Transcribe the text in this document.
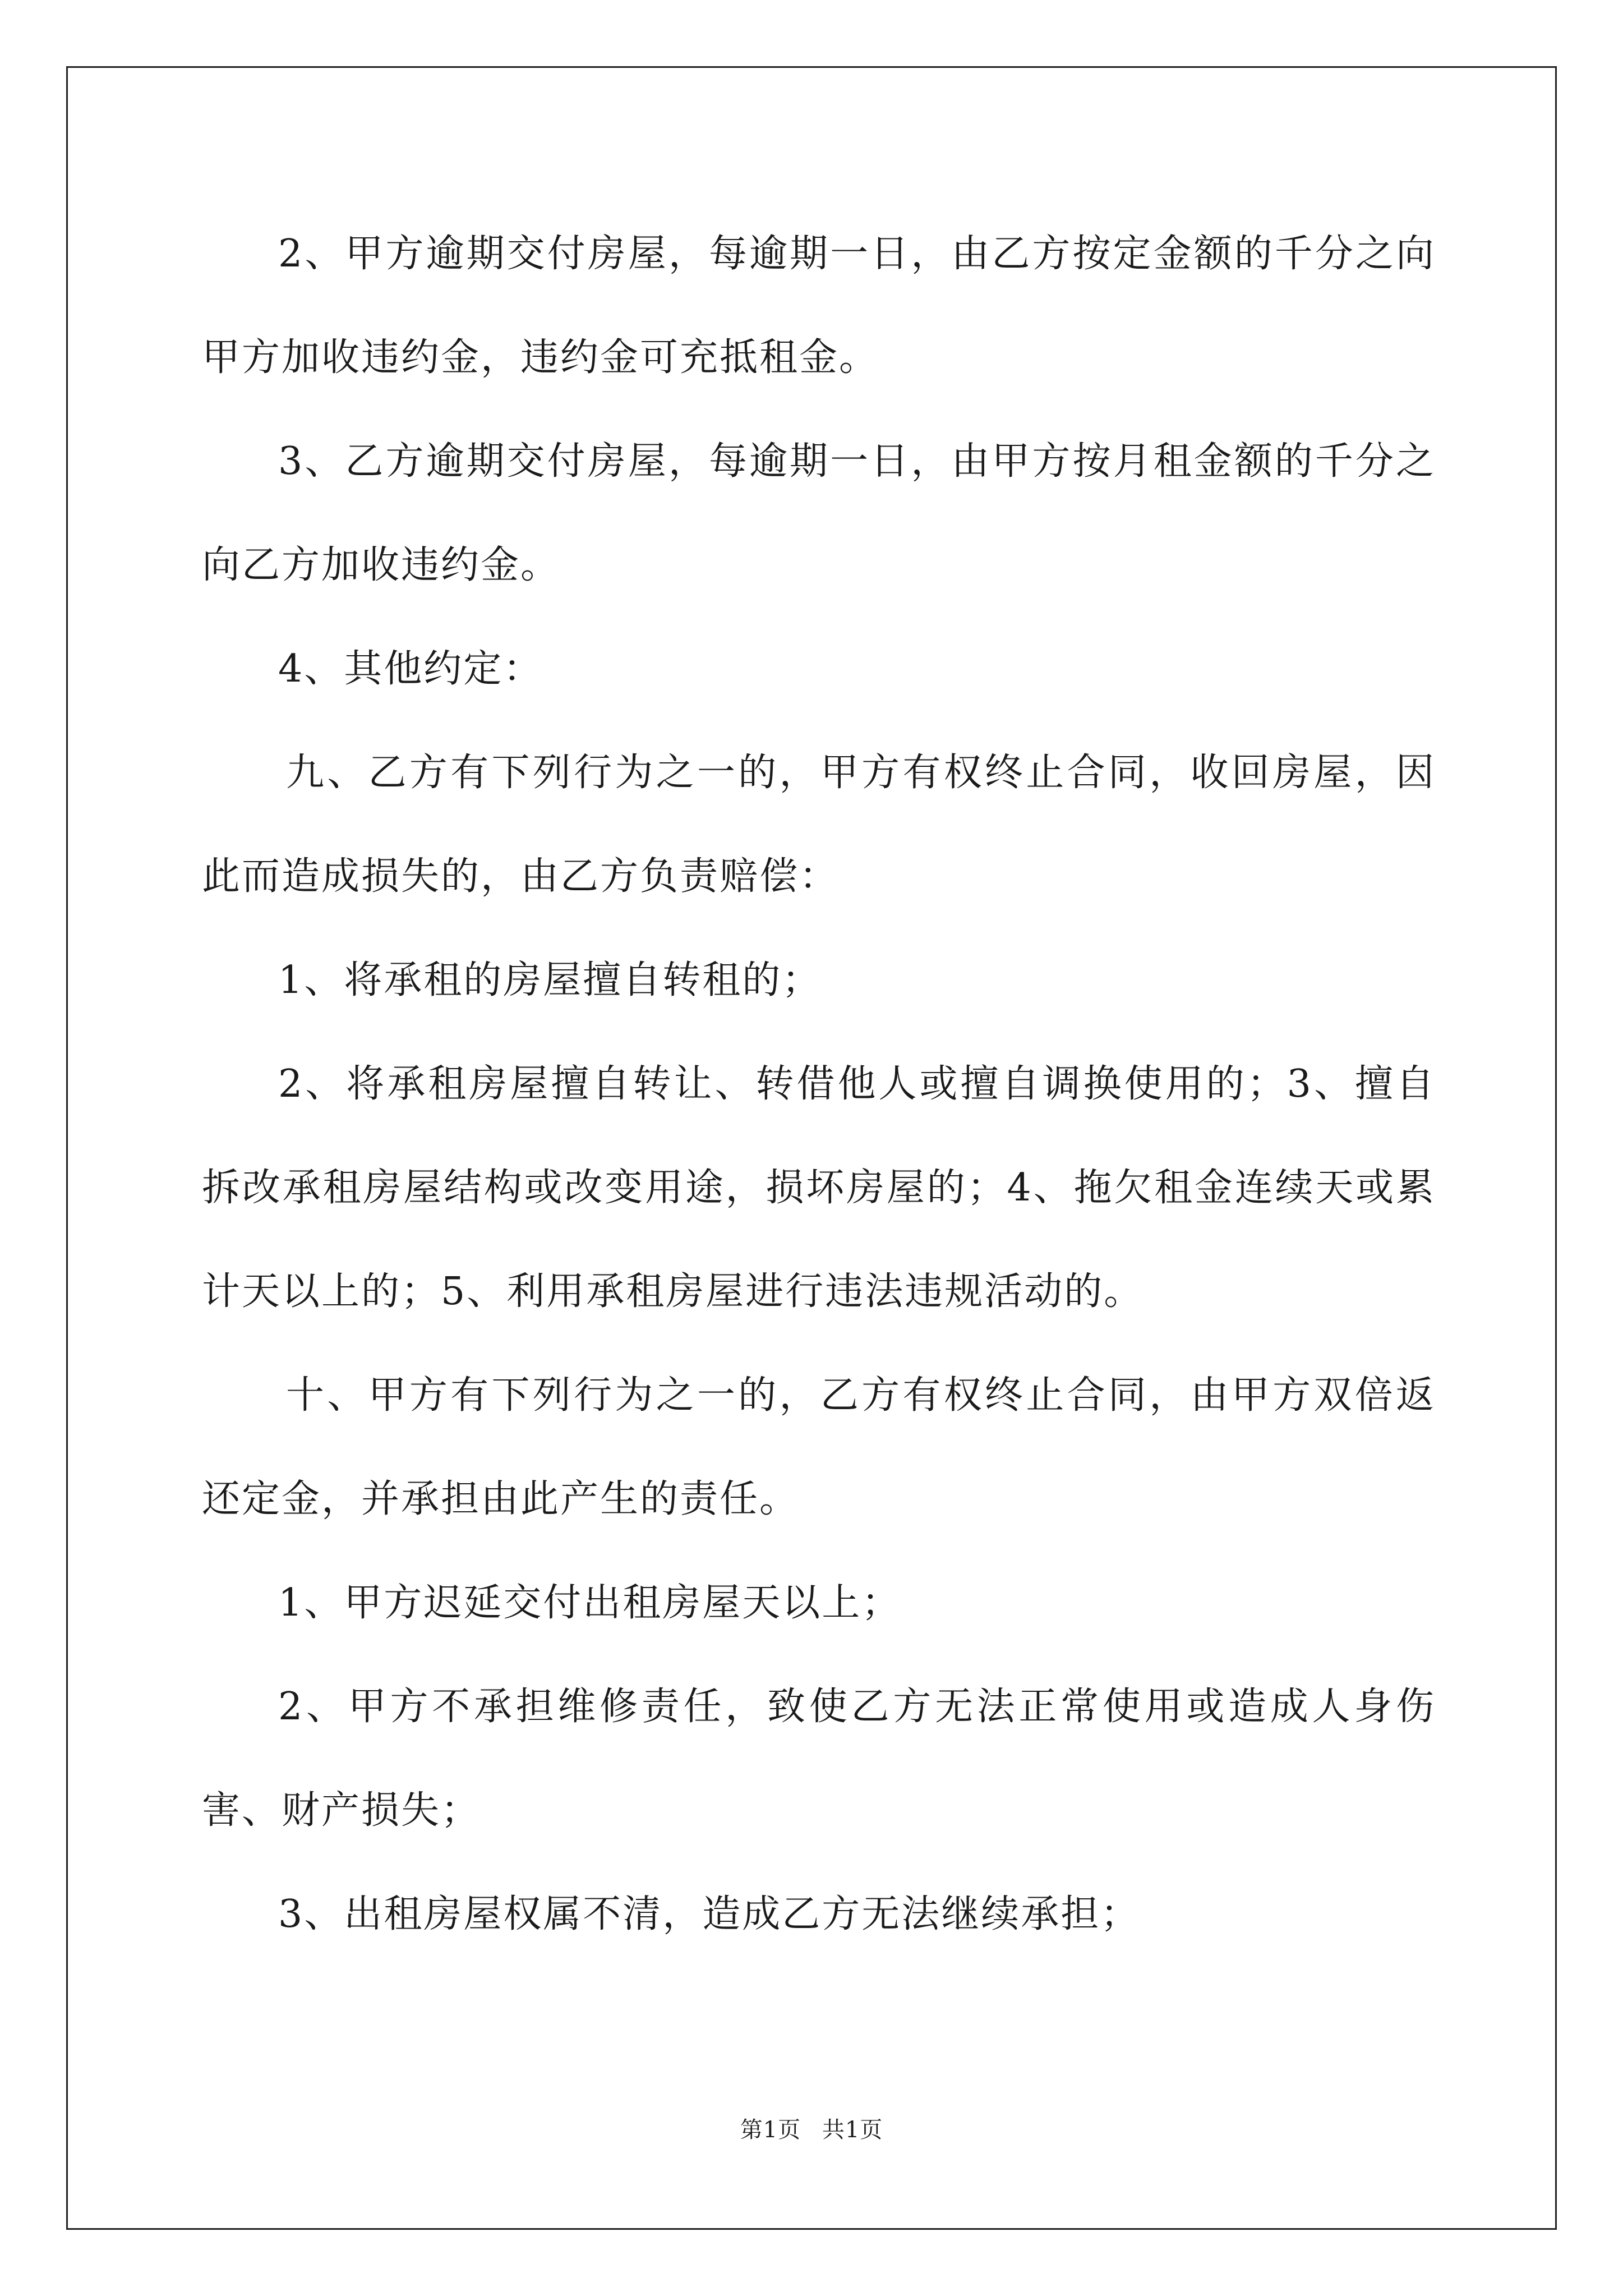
2、甲方逾期交付房屋，每逾期一日，由乙方按定金额的千分之向甲方加收违约金，违约金可充抵租金。

3、乙方逾期交付房屋，每逾期一日，由甲方按月租金额的千分之向乙方加收违约金。

4、其他约定：

九、乙方有下列行为之一的，甲方有权终止合同，收回房屋，因此而造成损失的，由乙方负责赔偿：

1、将承租的房屋擅自转租的；

2、将承租房屋擅自转让、转借他人或擅自调换使用的；3、擅自拆改承租房屋结构或改变用途，损坏房屋的；4、拖欠租金连续天或累计天以上的；5、利用承租房屋进行违法违规活动的。

十、甲方有下列行为之一的，乙方有权终止合同，由甲方双倍返还定金，并承担由此产生的责任。

1、甲方迟延交付出租房屋天以上；

2、甲方不承担维修责任，致使乙方无法正常使用或造成人身伤害、财产损失；

3、出租房屋权属不清，造成乙方无法继续承担；

第1页 共1页
